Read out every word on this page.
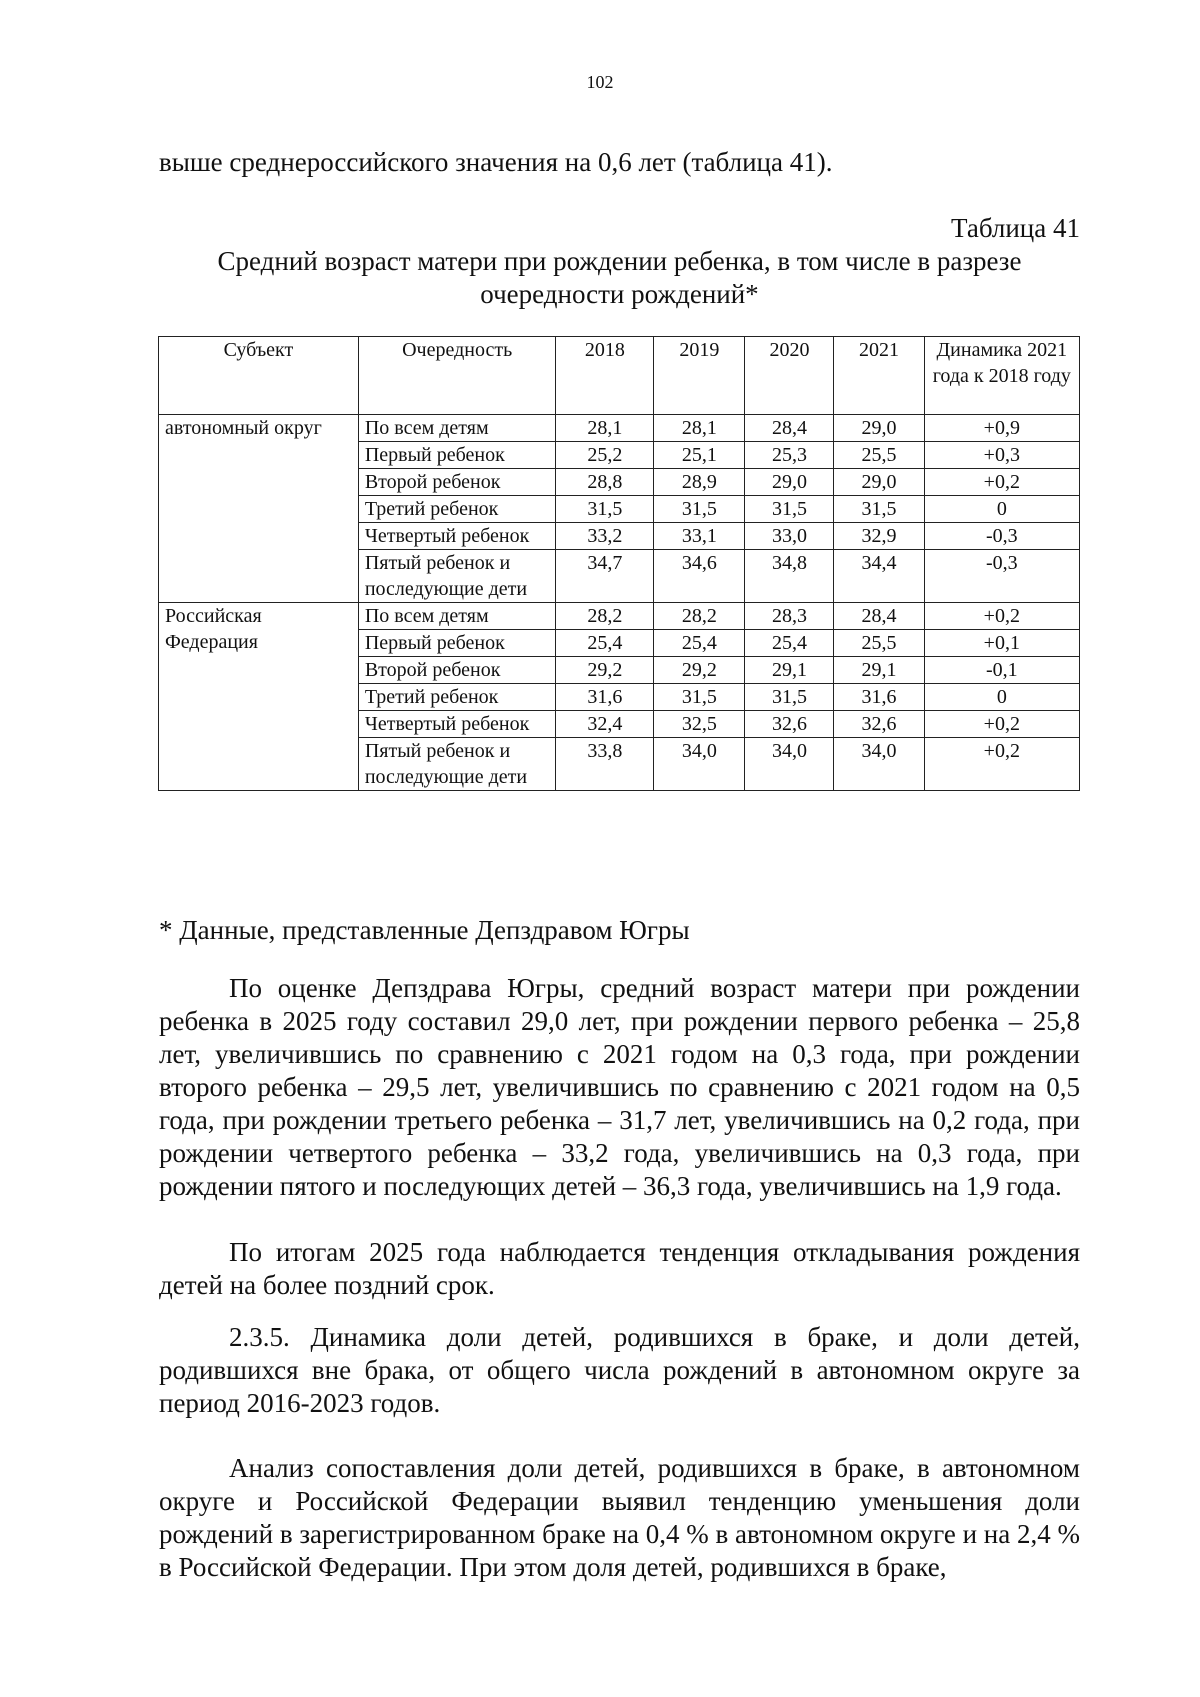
102
выше среднероссийского значения на 0,6 лет (таблица 41).
Таблица 41
Средний возраст матери при рождении ребенка, в том числе в разрезе очередности рождений*
Субъект	Очередность	2018	2019	2020	2021	Динамика 2021 года к 2018 году
автономный округ	По всем детям	28,1	28,1	28,4	29,0	+0,9
	Первый ребенок	25,2	25,1	25,3	25,5	+0,3
	Второй ребенок	28,8	28,9	29,0	29,0	+0,2
	Третий ребенок	31,5	31,5	31,5	31,5	0
	Четвертый ребенок	33,2	33,1	33,0	32,9	-0,3
	Пятый ребенок и последующие дети	34,7	34,6	34,8	34,4	-0,3
Российская Федерация	По всем детям	28,2	28,2	28,3	28,4	+0,2
	Первый ребенок	25,4	25,4	25,4	25,5	+0,1
	Второй ребенок	29,2	29,2	29,1	29,1	-0,1
	Третий ребенок	31,6	31,5	31,5	31,6	0
	Четвертый ребенок	32,4	32,5	32,6	32,6	+0,2
	Пятый ребенок и последующие дети	33,8	34,0	34,0	34,0	+0,2
* Данные, представленные Депздравом Югры
По оценке Депздрава Югры, средний возраст матери при рождении ребенка в 2025 году составил 29,0 лет, при рождении первого ребенка – 25,8 лет, увеличившись по сравнению с 2021 годом на 0,3 года, при рождении второго ребенка – 29,5 лет, увеличившись по сравнению с 2021 годом на 0,5 года, при рождении третьего ребенка – 31,7 лет, увеличившись на 0,2 года, при рождении четвертого ребенка – 33,2 года, увеличившись на 0,3 года, при рождении пятого и последующих детей – 36,3 года, увеличившись на 1,9 года.
По итогам 2025 года наблюдается тенденция откладывания рождения детей на более поздний срок.
2.3.5. Динамика доли детей, родившихся в браке, и доли детей, родившихся вне брака, от общего числа рождений в автономном округе за период 2016-2023 годов.
Анализ сопоставления доли детей, родившихся в браке, в автономном округе и Российской Федерации выявил тенденцию уменьшения доли рождений в зарегистрированном браке на 0,4 % в автономном округе и на 2,4 % в Российской Федерации. При этом доля детей, родившихся в браке,
